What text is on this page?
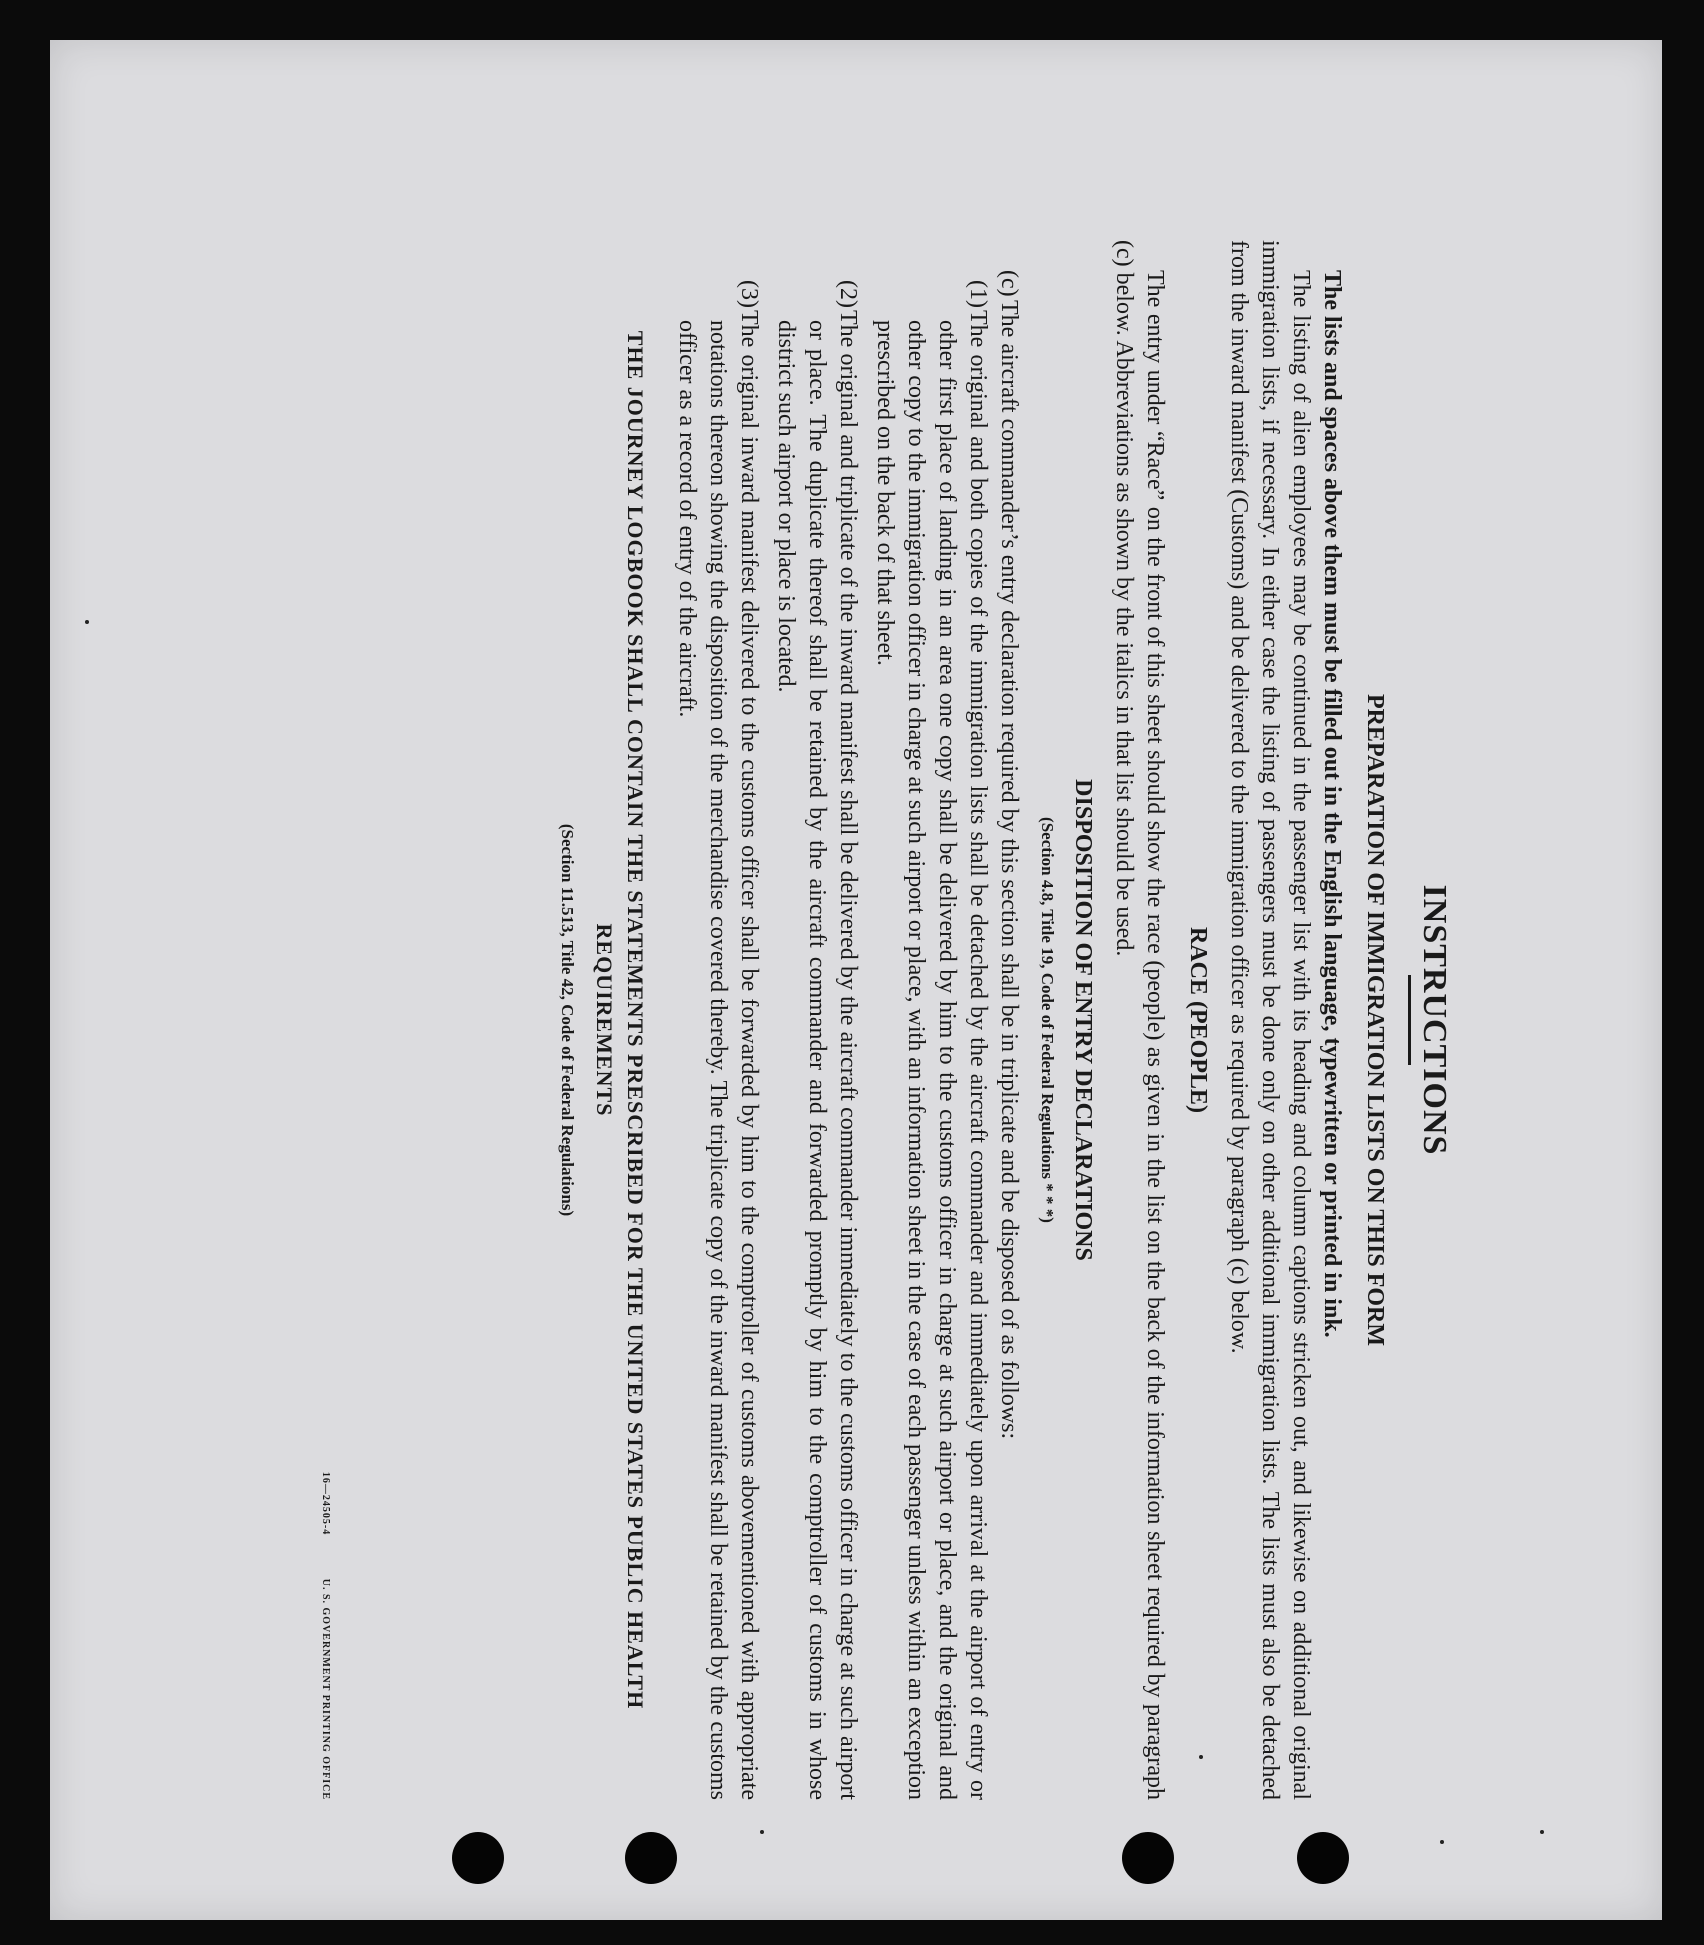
INSTRUCTIONS
PREPARATION OF IMMIGRATION LISTS ON THIS FORM

The lists and spaces above them must be filled out in the English language, typewritten or printed in ink.

The listing of alien employees may be continued in the passenger list with its heading and column captions stricken out, and likewise on additional original immigration lists, if necessary. In either case the listing of passengers must be done only on other additional immigration lists. The lists must also be detached from the inward manifest (Customs) and be delivered to the immigration officer as required by paragraph (c) below.

RACE (PEOPLE)

The entry under “Race” on the front of this sheet should show the race (people) as given in the list on the back of the information sheet required by paragraph (c) below. Abbreviations as shown by the italics in that list should be used.

DISPOSITION OF ENTRY DECLARATIONS
(Section 4.8, Title 19, Code of Federal Regulations * * *)
(c)The aircraft commander’s entry declaration required by this section shall be in triplicate and be disposed of as follows:
(1)The original and both copies of the immigration lists shall be detached by the aircraft commander and immediately upon arrival at the airport of entry or other first place of landing in an area one copy shall be delivered by him to the customs officer in charge at such airport or place, and the original and other copy to the immigration officer in charge at such airport or place, with an information sheet in the case of each passenger unless within an exception prescribed on the back of that sheet.
(2)The original and triplicate of the inward manifest shall be delivered by the aircraft commander immediately to the customs officer in charge at such airport or place. The duplicate thereof shall be retained by the aircraft commander and forwarded promptly by him to the comptroller of customs in whose district such airport or place is located.
(3)The original inward manifest delivered to the customs officer shall be forwarded by him to the comptroller of customs abovementioned with appropriate notations thereon showing the disposition of the merchandise covered thereby. The triplicate copy of the inward manifest shall be retained by the customs officer as a record of entry of the aircraft.
THE JOURNEY LOGBOOK SHALL CONTAIN THE STATEMENTS PRESCRIBED FOR THE UNITED STATES PUBLIC HEALTH REQUIREMENTS
(Section 11.513, Title 42, Code of Federal Regulations)
16—24505-4 U. S. GOVERNMENT PRINTING OFFICE
